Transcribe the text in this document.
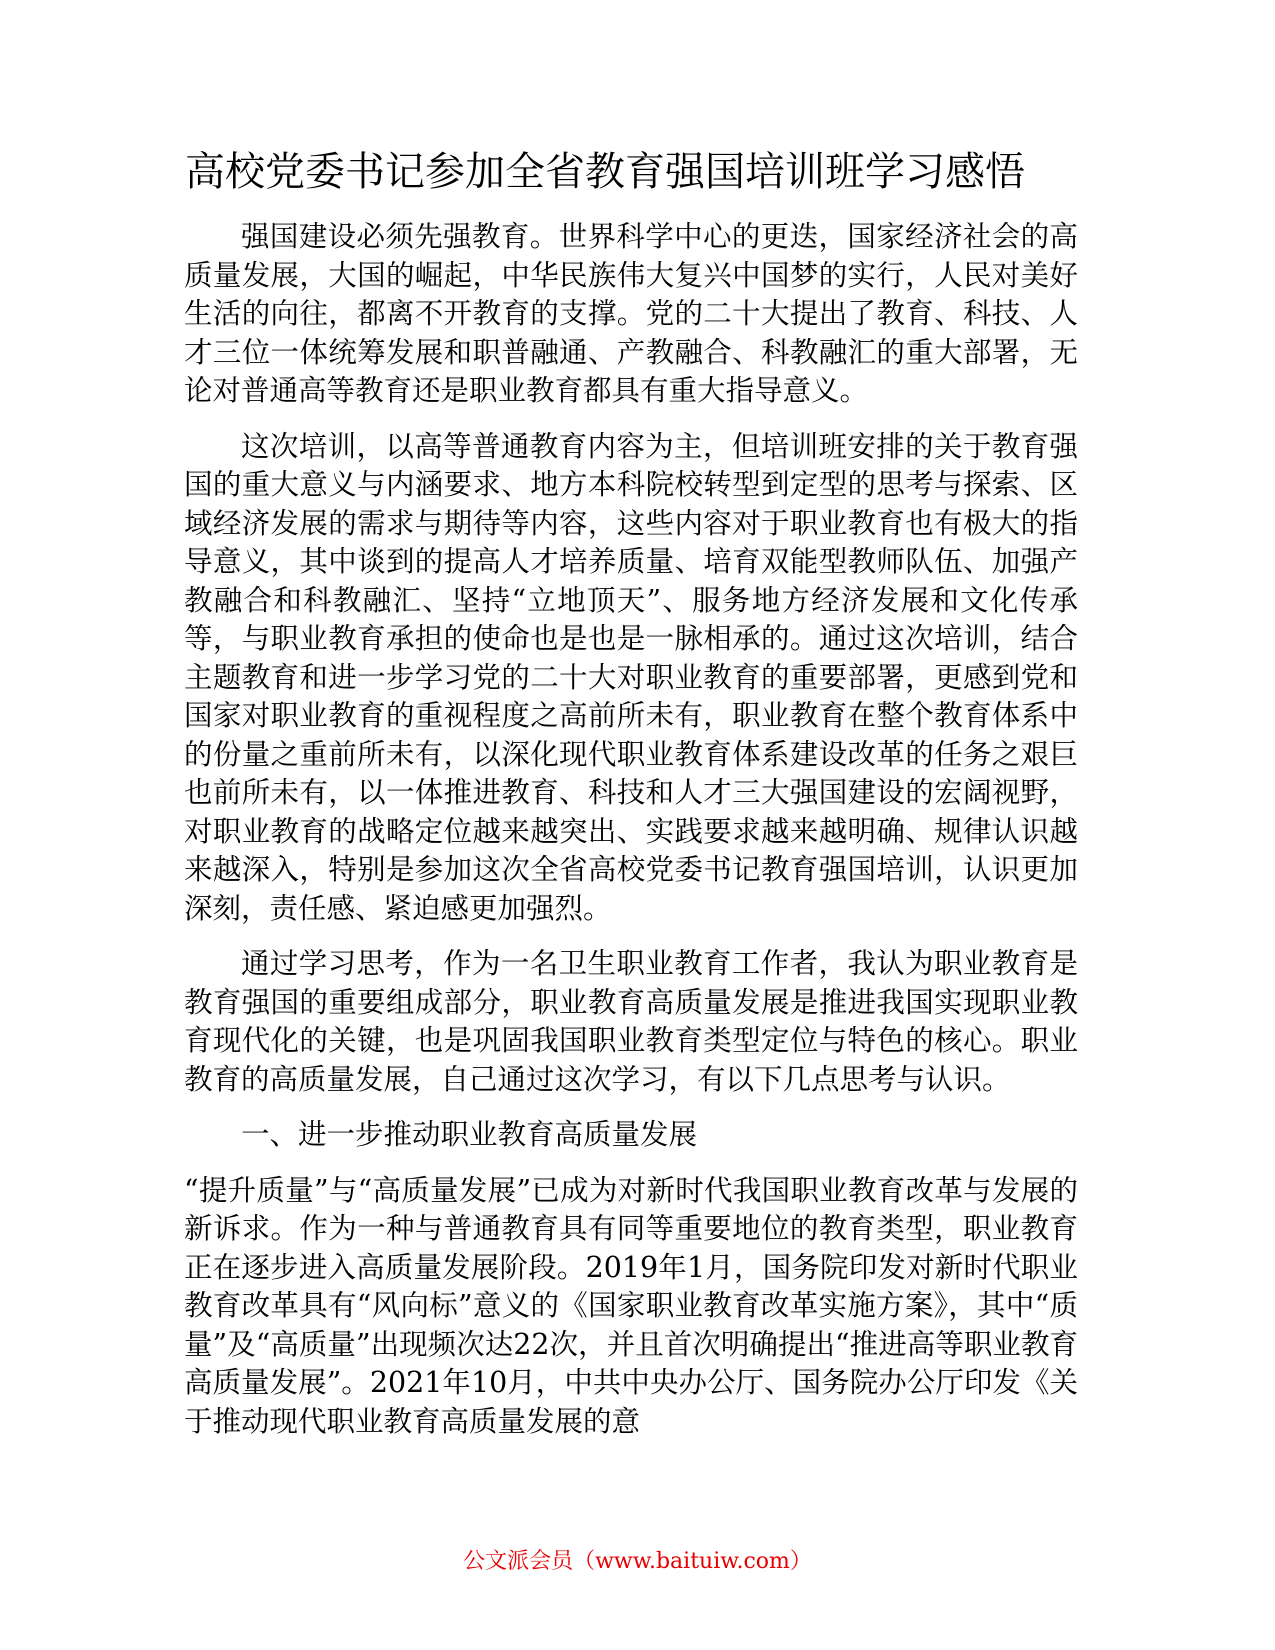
高校党委书记参加全省教育强国培训班学习感悟

强国建设必须先强教育。世界科学中心的更迭，国家经济社会的高质量发展，大国的崛起，中华民族伟大复兴中国梦的实行，人民对美好生活的向往，都离不开教育的支撑。党的二十大提出了教育、科技、人才三位一体统筹发展和职普融通、产教融合、科教融汇的重大部署，无论对普通高等教育还是职业教育都具有重大指导意义。

这次培训，以高等普通教育内容为主，但培训班安排的关于教育强国的重大意义与内涵要求、地方本科院校转型到定型的思考与探索、区域经济发展的需求与期待等内容，这些内容对于职业教育也有极大的指导意义，其中谈到的提高人才培养质量、培育双能型教师队伍、加强产教融合和科教融汇、坚持“立地顶天”、服务地方经济发展和文化传承等，与职业教育承担的使命也是也是一脉相承的。通过这次培训，结合主题教育和进一步学习党的二十大对职业教育的重要部署，更感到党和国家对职业教育的重视程度之高前所未有，职业教育在整个教育体系中的份量之重前所未有，以深化现代职业教育体系建设改革的任务之艰巨也前所未有，以一体推进教育、科技和人才三大强国建设的宏阔视野，对职业教育的战略定位越来越突出、实践要求越来越明确、规律认识越来越深入，特别是参加这次全省高校党委书记教育强国培训，认识更加深刻，责任感、紧迫感更加强烈。

通过学习思考，作为一名卫生职业教育工作者，我认为职业教育是教育强国的重要组成部分，职业教育高质量发展是推进我国实现职业教育现代化的关键，也是巩固我国职业教育类型定位与特色的核心。职业教育的高质量发展，自己通过这次学习，有以下几点思考与认识。

一、进一步推动职业教育高质量发展

“提升质量”与“高质量发展”已成为对新时代我国职业教育改革与发展的新诉求。作为一种与普通教育具有同等重要地位的教育类型，职业教育正在逐步进入高质量发展阶段。2019年1月，国务院印发对新时代职业教育改革具有“风向标”意义的《国家职业教育改革实施方案》，其中“质量”及“高质量”出现频次达22次，并且首次明确提出“推进高等职业教育高质量发展”。2021年10月，中共中央办公厅、国务院办公厅印发《关于推动现代职业教育高质量发展的意

公文派会员（www.baituiw.com）
